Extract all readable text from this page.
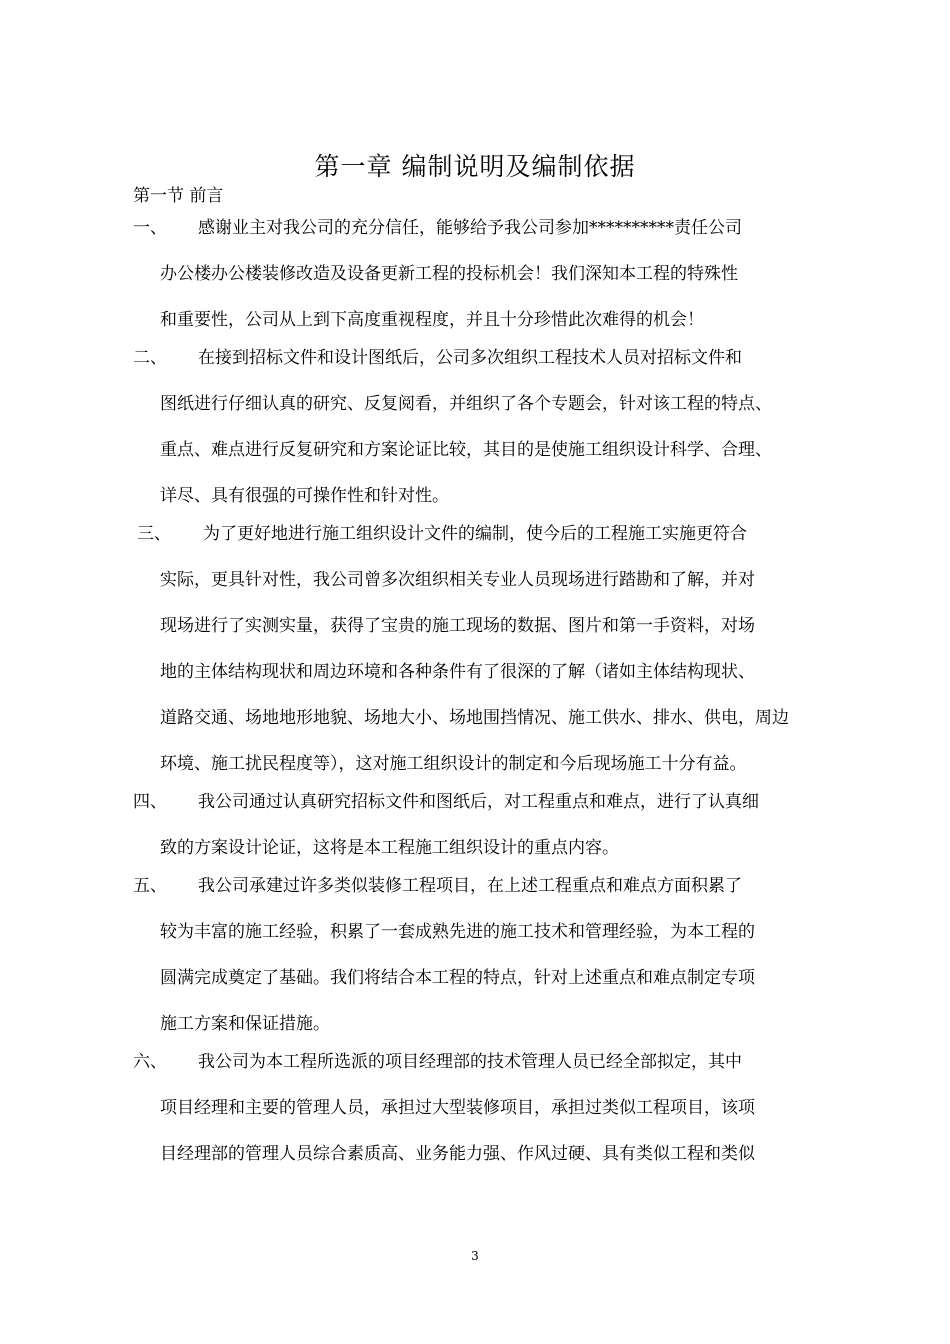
第一章 编制说明及编制依据
第一节 前言
一、 感谢业主对我公司的充分信任，能够给予我公司参加**********责任公司
办公楼办公楼装修改造及设备更新工程的投标机会！我们深知本工程的特殊性
和重要性，公司从上到下高度重视程度，并且十分珍惜此次难得的机会！
二、 在接到招标文件和设计图纸后，公司多次组织工程技术人员对招标文件和
图纸进行仔细认真的研究、反复阅看，并组织了各个专题会，针对该工程的特点、
重点、难点进行反复研究和方案论证比较，其目的是使施工组织设计科学、合理、
详尽、具有很强的可操作性和针对性。
三、 为了更好地进行施工组织设计文件的编制，使今后的工程施工实施更符合
实际，更具针对性，我公司曾多次组织相关专业人员现场进行踏勘和了解，并对
现场进行了实测实量，获得了宝贵的施工现场的数据、图片和第一手资料，对场
地的主体结构现状和周边环境和各种条件有了很深的了解（诸如主体结构现状、
道路交通、场地地形地貌、场地大小、场地围挡情况、施工供水、排水、供电，周边
环境、施工扰民程度等），这对施工组织设计的制定和今后现场施工十分有益。
四、 我公司通过认真研究招标文件和图纸后，对工程重点和难点，进行了认真细
致的方案设计论证，这将是本工程施工组织设计的重点内容。
五、 我公司承建过许多类似装修工程项目，在上述工程重点和难点方面积累了
较为丰富的施工经验，积累了一套成熟先进的施工技术和管理经验，为本工程的
圆满完成奠定了基础。我们将结合本工程的特点，针对上述重点和难点制定专项
施工方案和保证措施。
六、 我公司为本工程所选派的项目经理部的技术管理人员已经全部拟定，其中
项目经理和主要的管理人员，承担过大型装修项目，承担过类似工程项目，该项
目经理部的管理人员综合素质高、业务能力强、作风过硬、具有类似工程和类似
3
